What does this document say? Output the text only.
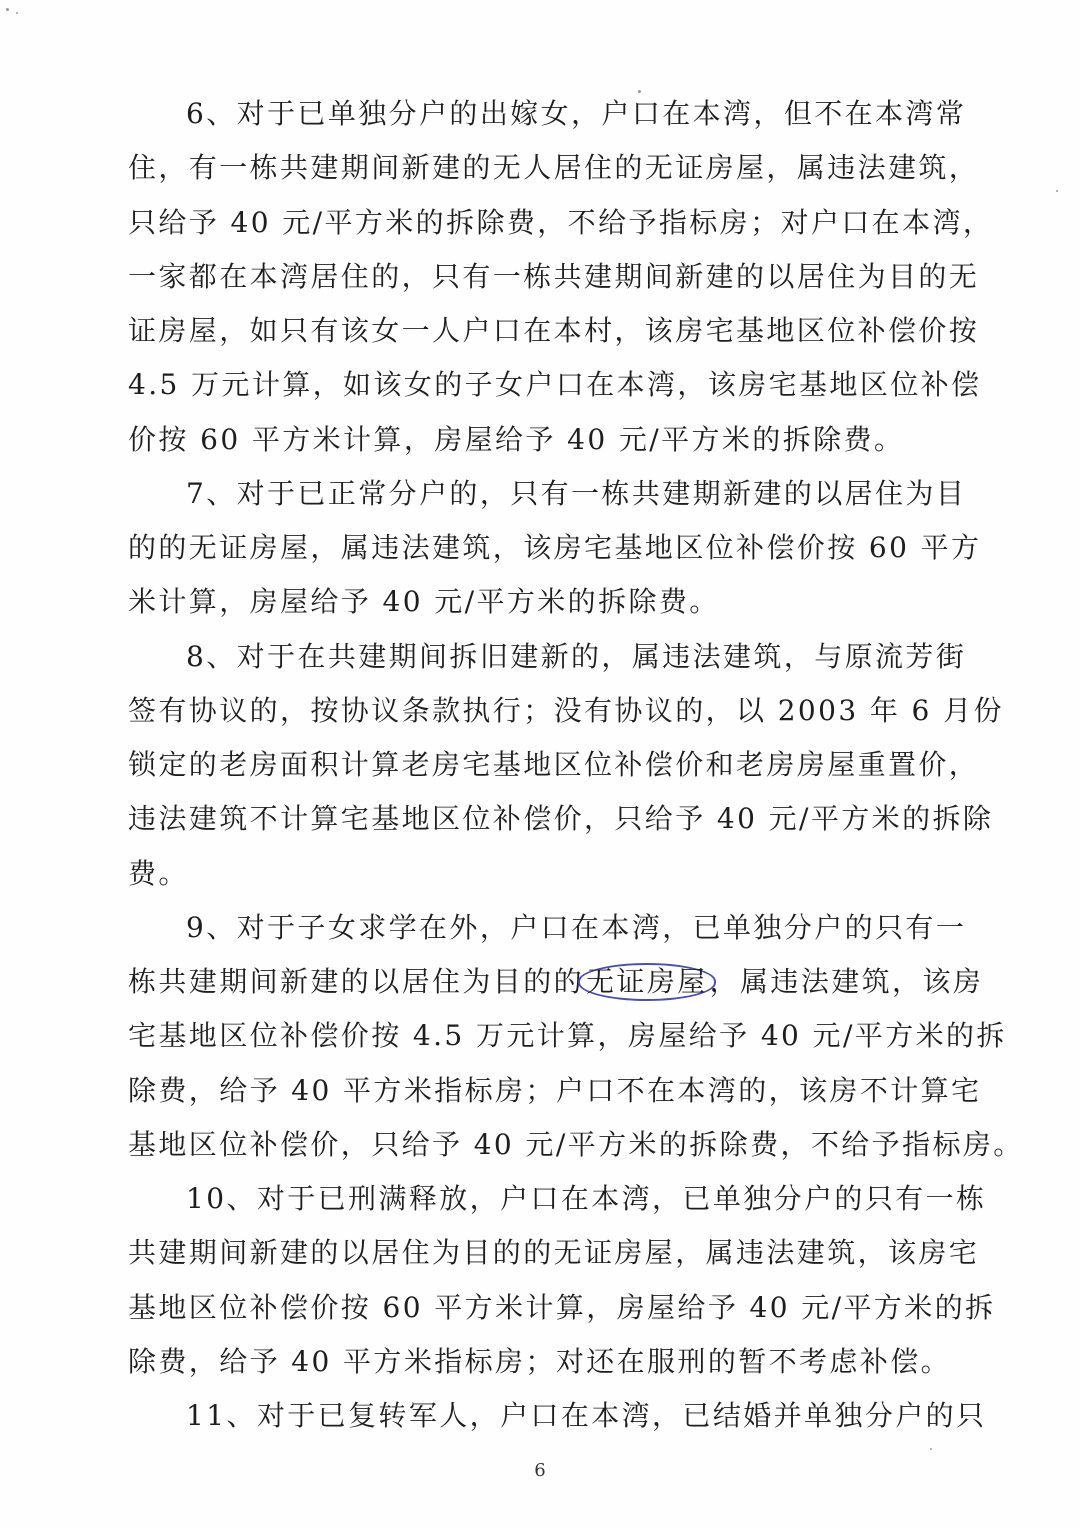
6、对于已单独分户的出嫁女，户口在本湾，但不在本湾常
住，有一栋共建期间新建的无人居住的无证房屋，属违法建筑，
只给予 40 元/平方米的拆除费，不给予指标房；对户口在本湾，
一家都在本湾居住的，只有一栋共建期间新建的以居住为目的无
证房屋，如只有该女一人户口在本村，该房宅基地区位补偿价按
4.5 万元计算，如该女的子女户口在本湾，该房宅基地区位补偿
价按 60 平方米计算，房屋给予 40 元/平方米的拆除费。
7、对于已正常分户的，只有一栋共建期新建的以居住为目
的的无证房屋，属违法建筑，该房宅基地区位补偿价按 60 平方
米计算，房屋给予 40 元/平方米的拆除费。
8、对于在共建期间拆旧建新的，属违法建筑，与原流芳街
签有协议的，按协议条款执行；没有协议的，以 2003 年 6 月份
锁定的老房面积计算老房宅基地区位补偿价和老房房屋重置价，
违法建筑不计算宅基地区位补偿价，只给予 40 元/平方米的拆除
费。
9、对于子女求学在外，户口在本湾，已单独分户的只有一
栋共建期间新建的以居住为目的的无证房屋，属违法建筑，该房
宅基地区位补偿价按 4.5 万元计算，房屋给予 40 元/平方米的拆
除费，给予 40 平方米指标房；户口不在本湾的，该房不计算宅
基地区位补偿价，只给予 40 元/平方米的拆除费，不给予指标房。
10、对于已刑满释放，户口在本湾，已单独分户的只有一栋
共建期间新建的以居住为目的的无证房屋，属违法建筑，该房宅
基地区位补偿价按 60 平方米计算，房屋给予 40 元/平方米的拆
除费，给予 40 平方米指标房；对还在服刑的暂不考虑补偿。
11、对于已复转军人，户口在本湾，已结婚并单独分户的只
6
